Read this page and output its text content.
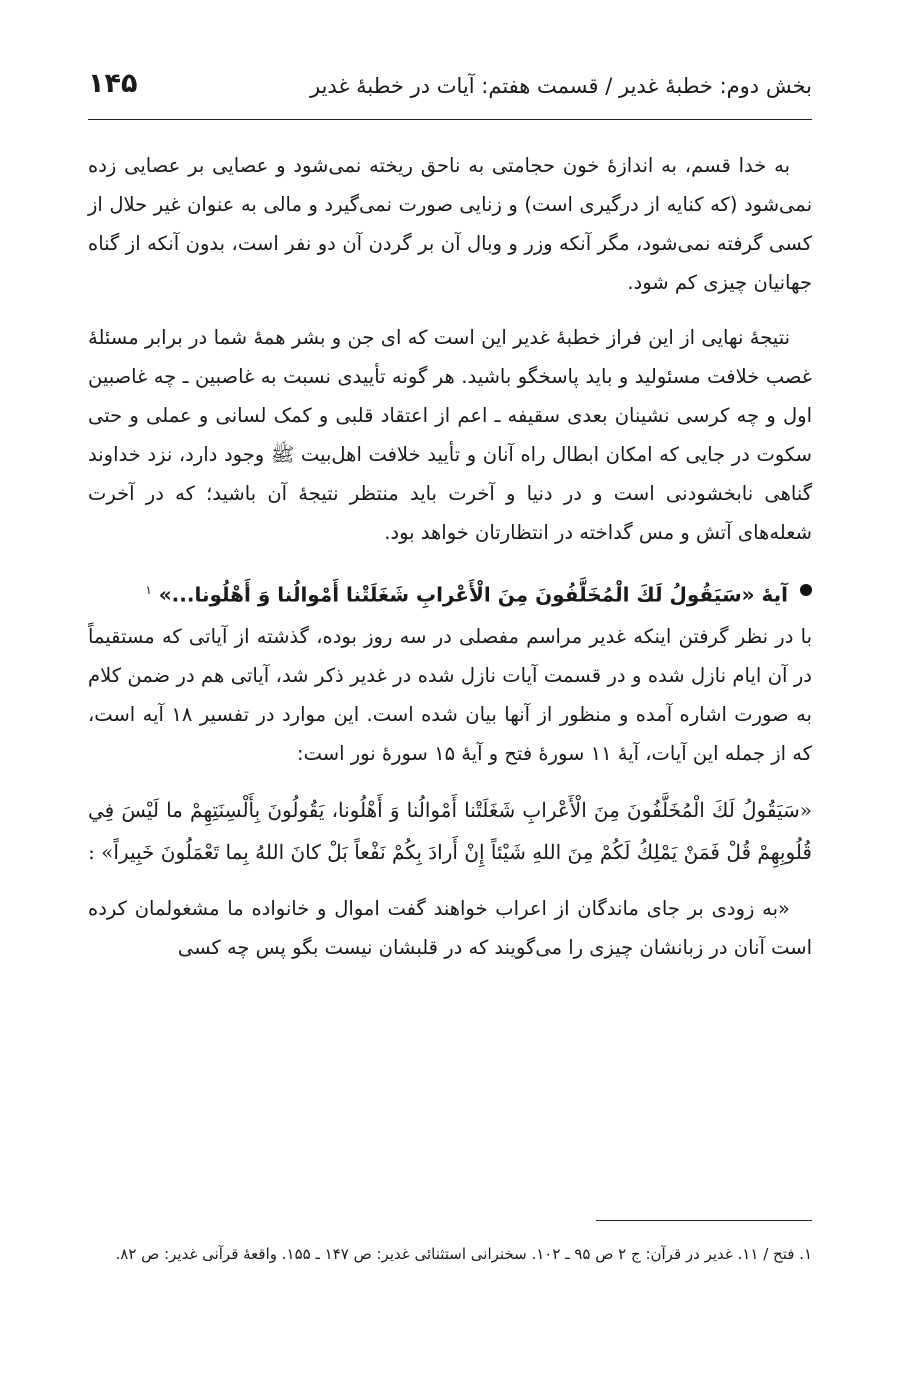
بخش دوم: خطبهٔ غدیر / قسمت هفتم: آیات در خطبهٔ غدیر
۱۴۵

به خدا قسم، به اندازهٔ خون حجامتی به ناحق ریخته نمی‌شود و عصایی بر عصایی زده نمی‌شود (که کنایه از درگیری است) و زنایی صورت نمی‌گیرد و مالی به عنوان غیر حلال از کسی گرفته نمی‌شود، مگر آنکه وزر و وبال آن بر گردن آن دو نفر است، بدون آنکه از گناه جهانیان چیزی کم شود.

نتیجهٔ نهایی از این فراز خطبهٔ غدیر این است که ای جن و بشر همهٔ شما در برابر مسئلهٔ غصب خلافت مسئولید و باید پاسخگو باشید. هر گونه تأییدی نسبت به غاصبین ـ چه غاصبین اول و چه کرسی نشینان بعدی سقیفه ـ اعم از اعتقاد قلبی و کمک لسانی و عملی و حتی سکوت در جایی که امکان ابطال راه آنان و تأیید خلافت اهل‌بیت ﷺ وجود دارد، نزد خداوند گناهی نابخشودنی است و در دنیا و آخرت باید منتظر نتیجهٔ آن باشید؛ که در آخرت شعله‌های آتش و مس گداخته در انتظارتان خواهد بود.

آیهٔ «سَيَقُولُ لَكَ الْمُخَلَّفُونَ مِنَ الْأَعْرابِ شَغَلَتْنا أَمْوالُنا وَ أَهْلُونا...» $^۱$

با در نظر گرفتن اینکه غدیر مراسم مفصلی در سه روز بوده، گذشته از آیاتی که مستقیماً در آن ایام نازل شده و در قسمت آیات نازل شده در غدیر ذکر شد، آیاتی هم در ضمن کلام به صورت اشاره آمده و منظور از آنها بیان شده است. این موارد در تفسیر ۱۸ آیه است، که از جمله این آیات، آیهٔ ۱۱ سورهٔ فتح و آیهٔ ۱۵ سورهٔ نور است:

«سَيَقُولُ لَكَ الْمُخَلَّفُونَ مِنَ الْأَعْرابِ شَغَلَتْنا أَمْوالُنا وَ أَهْلُونا، يَقُولُونَ بِأَلْسِنَتِهِمْ ما لَيْسَ فِي قُلُوبِهِمْ قُلْ فَمَنْ يَمْلِكُ لَكُمْ مِنَ اللهِ شَيْئاً إِنْ أَرادَ بِكُمْ نَفْعاً بَلْ كانَ اللهُ بِما تَعْمَلُونَ خَبِيراً» :

«به زودی بر جای ماندگان از اعراب خواهند گفت اموال و خانواده ما مشغولمان کرده است آنان در زبانشان چیزی را می‌گویند که در قلبشان نیست بگو پس چه کسی

۱. فتح / ۱۱. غدیر در قرآن: ج ۲ ص ۹۵ ـ ۱۰۲. سخنرانی استثنائی غدیر: ص ۱۴۷ ـ ۱۵۵. واقعهٔ قرآنی غدیر: ص ۸۲.
